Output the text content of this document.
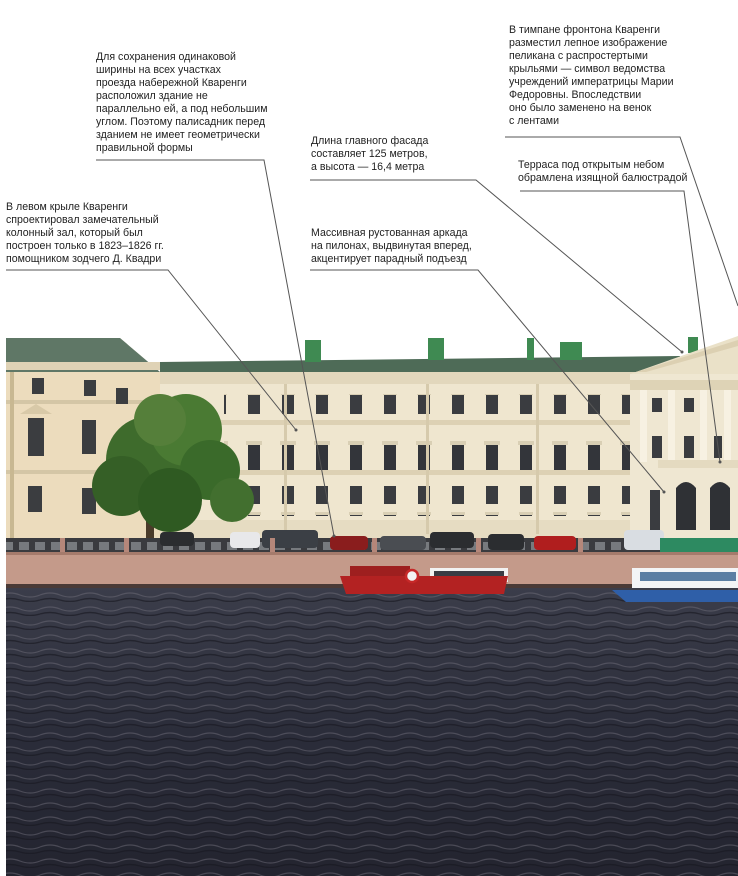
В тимпане фронтона Кваренги
разместил лепное изображение
пеликана с распростертыми
крыльями — символ ведомства
учреждений императрицы Марии
Федоровны. Впоследствии
оно было заменено на венок
с лентами
Для сохранения одинаковой
ширины на всех участках
проезда набережной Кваренги
расположил здание не
параллельно ей, а под небольшим
углом. Поэтому палисадник перед
зданием не имеет геометрически
правильной формы
Длина главного фасада
составляет 125 метров,
а высота — 16,4 метра	Терраса под открытым небом
обрамлена изящной балюстрадой
В левом крыле Кваренги
спроектировал замечательный
колонный зал, который был
построен только в 1823–1826 гг.
помощником зодчего Д. Квадри
Массивная рустованная аркада
на пилонах, выдвинутая вперед,
акцентирует парадный подъезд
